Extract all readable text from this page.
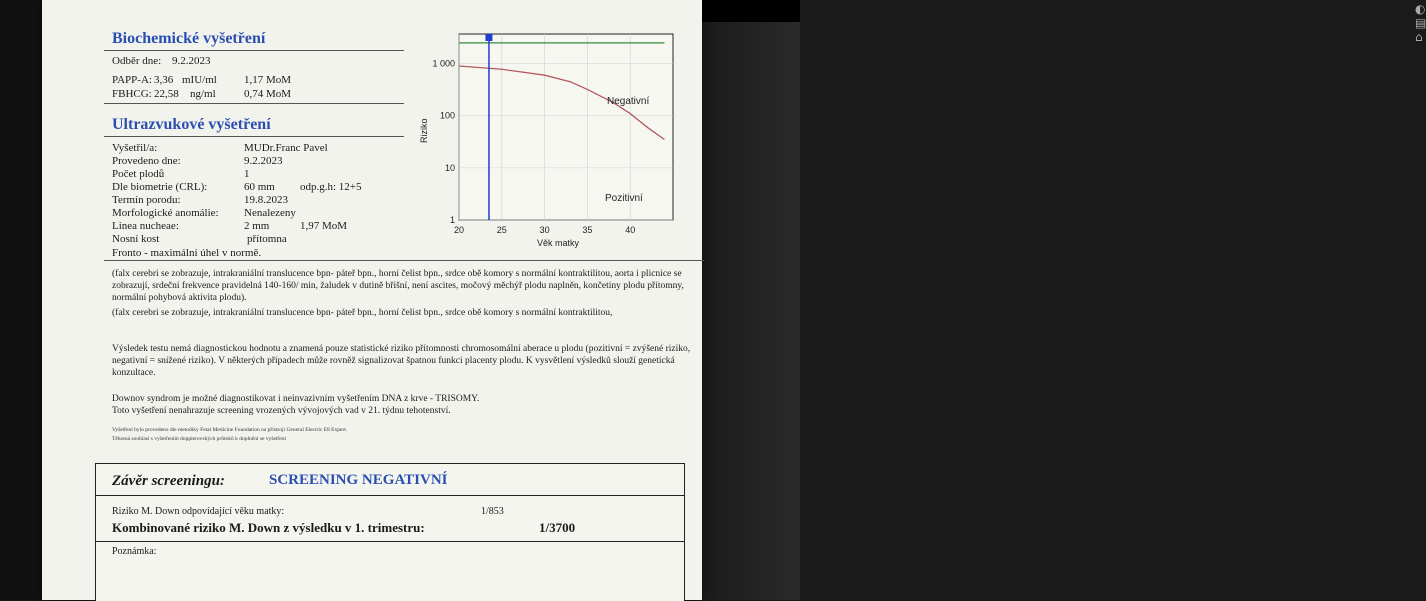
◐ ▤ ⌂
Biochemické vyšetření
Odběr dne: 9.2.2023
PAPP-A: 3,36 mIU/ml 1,17 MoM
FBHCG: 22,58 ng/ml	0,74 MoM
Ultrazvukové vyšetření
Fronto - maximální úhel v normě.
(falx cerebri se zobrazuje, intrakraniální translucence bpn- páteř bpn., horní čelist bpn., srdce obě komory s normální kontraktilitou, aorta i plicnice se zobrazují, srdeční frekvence pravidelná 140-160/ min, žaludek v dutině břišní, není ascites, močový měchýř plodu naplněn, končetiny plodu přítomny, normální pohybová aktivita plodu).
(falx cerebri se zobrazuje, intrakraniální translucence bpn- páteř bpn., horní čelist bpn., srdce obě komory s normální kontraktilitou,
Výsledek testu nemá diagnostickou hodnotu a znamená pouze statistické riziko přítomnosti chromosomální aberace u plodu (pozitivní = zvýšené riziko, negativní = snížené riziko). V některých případech může rovněž signalizovat špatnou funkci placenty plodu. K vysvětlení výsledků slouží genetická konzultace.
Downov syndrom je možné diagnostikovat i neinvazivním vyšetřením DNA z krve - TRISOMY.
Toto vyšetření nenahrazuje screening vrozených vývojových vad v 21. týdnu tehotenství.
Vyšetření bylo provedeno dle metodiky Fetal Medicine Foundation na přístroji General Electric E8 Expert.
Těhotná souhlasí s vyšetřením dopplerovských průtoků k doplnění se vyšetření
Vyšetřil/a:	MUDr.Franc Pavel
Provedeno dne:	9.2.2023
Počet plodů	1
Dle biometrie (CRL):	60 mm odp.g.h: 12+5
Termín porodu:	19.8.2023
Morfologické anomálie: Nenalezeny
Linea nucheae:	2 mm	1,97 MoM
Nosní kost	přítomna
1 000
100
10
1
20	25	30	35	40
Negativní
Pozitivní
Riziko
Věk matky
Závěr screeningu:	SCREENING NEGATIVNÍ
Riziko M. Down odpovídající věku matky:	1/853
Kombinované riziko M. Down z výsledku v 1. trimestru:	1/3700
Poznámka:
